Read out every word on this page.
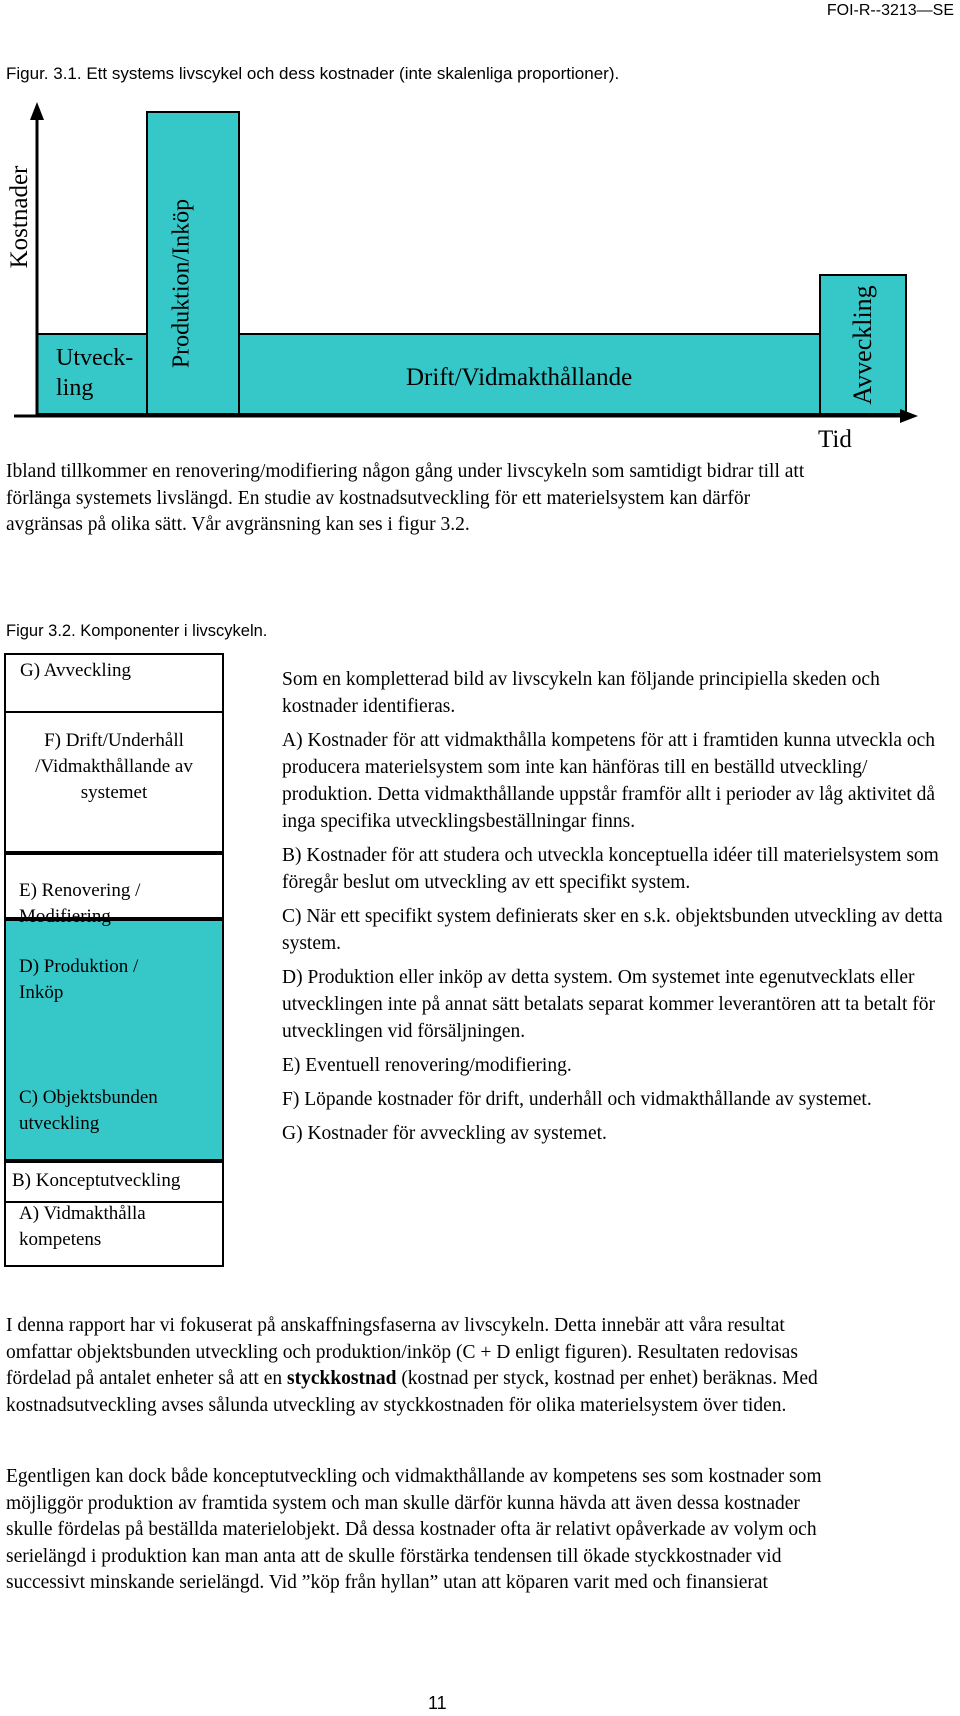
FOI-R--3213—SE
Figur. 3.1. Ett systems livscykel och dess kostnader (inte skalenliga proportioner).
Kostnader
Utveck-
ling
Produktion/Inköp
Drift/Vidmakthållande	Avveckling
Tid
Ibland tillkommer en renovering/modifiering någon gång under livscykeln som samtidigt bidrar till att förlänga systemets livslängd. En studie av kostnadsutveckling för ett materielsystem kan därför avgränsas på olika sätt. Vår avgränsning kan ses i figur 3.2.
Figur 3.2. Komponenter i livscykeln.
G) Avveckling
F) Drift/Underhåll /Vidmakthållande av systemet
E) Renovering / Modifiering
D) Produktion / Inköp
C) Objektsbunden utveckling
B) Konceptutveckling
A) Vidmakthålla kompetens

Som en kompletterad bild av livscykeln kan följande principiella skeden och kostnader identifieras.

A) Kostnader för att vidmakthålla kompetens för att i framtiden kunna utveckla och producera materielsystem som inte kan hänföras till en beställd utveckling/ produktion. Detta vidmakthållande uppstår framför allt i perioder av låg aktivitet då inga specifika utvecklingsbeställningar finns.

B) Kostnader för att studera och utveckla konceptuella idéer till materielsystem som föregår beslut om utveckling av ett specifikt system.

C) När ett specifikt system definierats sker en s.k. objektsbunden utveckling av detta system.

D) Produktion eller inköp av detta system. Om systemet inte egenutvecklats eller utvecklingen inte på annat sätt betalats separat kommer leverantören att ta betalt för utvecklingen vid försäljningen.

E) Eventuell renovering/modifiering.

F) Löpande kostnader för drift, underhåll och vidmakthållande av systemet.

G) Kostnader för avveckling av systemet.

I denna rapport har vi fokuserat på anskaffningsfaserna av livscykeln. Detta innebär att våra resultat omfattar objektsbunden utveckling och produktion/inköp (C + D enligt figuren). Resultaten redovisas fördelad på antalet enheter så att en styckkostnad (kostnad per styck, kostnad per enhet) beräknas. Med kostnadsutveckling avses sålunda utveckling av styckkostnaden för olika materielsystem över tiden.
Egentligen kan dock både konceptutveckling och vidmakthållande av kompetens ses som kostnader som möjliggör produktion av framtida system och man skulle därför kunna hävda att även dessa kostnader skulle fördelas på beställda materielobjekt. Då dessa kostnader ofta är relativt opåverkade av volym och serielängd i produktion kan man anta att de skulle förstärka tendensen till ökade styckkostnader vid successivt minskande serielängd. Vid ”köp från hyllan” utan att köparen varit med och finansierat
11
